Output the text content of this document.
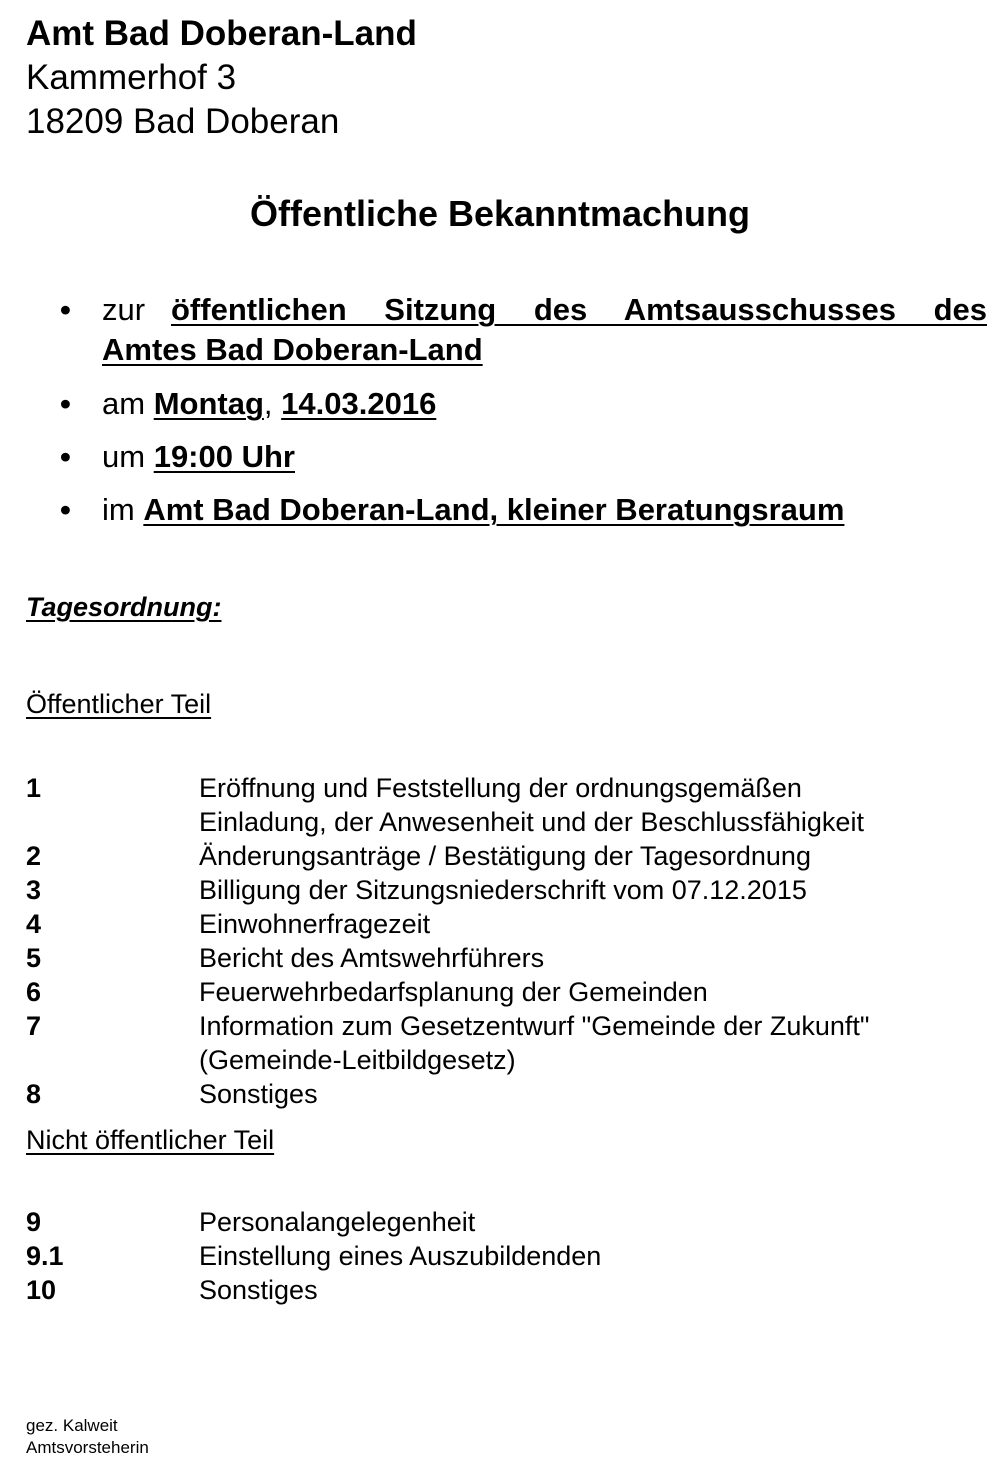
Amt Bad Doberan-Land
Kammerhof 3
18209 Bad Doberan
Öffentliche Bekanntmachung
• zur öffentlichen Sitzung des Amtsausschusses des
Amtes Bad Doberan-Land
• am Montag, 14.03.2016
• um 19:00 Uhr
• im Amt Bad Doberan-Land, kleiner Beratungsraum
Tagesordnung:
Öffentlicher Teil
1	Eröffnung und Feststellung der ordnungsgemäßen
Einladung, der Anwesenheit und der Beschlussfähigkeit
2	Änderungsanträge / Bestätigung der Tagesordnung
3	Billigung der Sitzungsniederschrift vom 07.12.2015
4	Einwohnerfragezeit
5	Bericht des Amtswehrführers
6	Feuerwehrbedarfsplanung der Gemeinden
7	Information zum Gesetzentwurf "Gemeinde der Zukunft"
(Gemeinde-Leitbildgesetz)
8	Sonstiges
Nicht öffentlicher Teil
9	Personalangelegenheit
9.1	Einstellung eines Auszubildenden
10	Sonstiges
gez. Kalweit
Amtsvorsteherin
